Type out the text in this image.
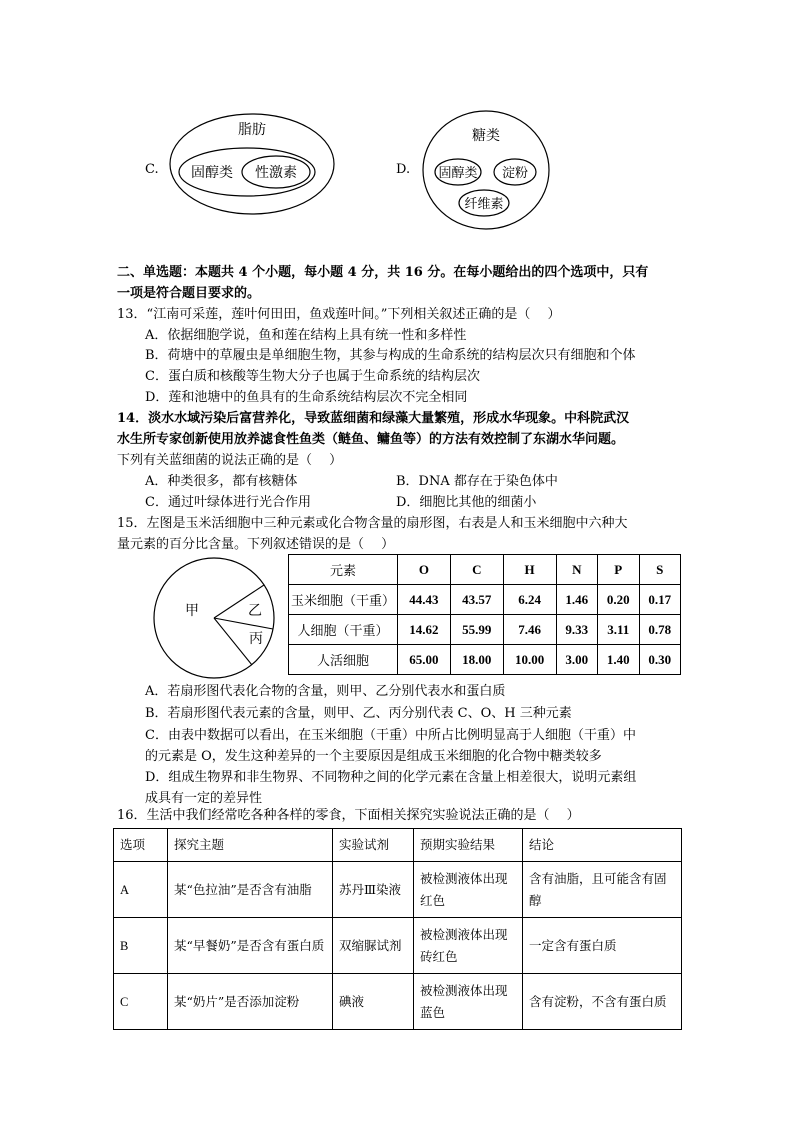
C.
脂肪
固醇类 性激素	D.
糖类
固醇类 淀粉
纤维素
二、单选题：本题共 4 个小题，每小题 4 分，共 16 分。在每小题给出的四个选项中，只有
一项是符合题目要求的。
13．“江南可采莲，莲叶何田田，鱼戏莲叶间。”下列相关叙述正确的是（　 ）
A．依据细胞学说，鱼和莲在结构上具有统一性和多样性
B．荷塘中的草履虫是单细胞生物，其参与构成的生命系统的结构层次只有细胞和个体
C．蛋白质和核酸等生物大分子也属于生命系统的结构层次
D．莲和池塘中的鱼具有的生命系统结构层次不完全相同
14．淡水水域污染后富营养化，导致蓝细菌和绿藻大量繁殖，形成水华现象。中科院武汉
水生所专家创新使用放养滤食性鱼类（鲢鱼、鳙鱼等）的方法有效控制了东湖水华问题。
下列有关蓝细菌的说法正确的是（　 ）
A．种类很多，都有核糖体	B．DNA 都存在于染色体中
C．通过叶绿体进行光合作用	D．细胞比其他的细菌小
15．左图是玉米活细胞中三种元素或化合物含量的扇形图，右表是人和玉米细胞中六种大
量元素的百分比含量。下列叙述错误的是（　 ）
甲	乙
丙
元素	O	C	H	N	P	S
玉米细胞（干重）	44.43	43.57	6.24	1.46	0.20	0.17
人细胞（干重）	14.62	55.99	7.46	9.33	3.11	0.78
人活细胞	65.00	18.00	10.00	3.00	1.40	0.30
A．若扇形图代表化合物的含量，则甲、乙分别代表水和蛋白质
B．若扇形图代表元素的含量，则甲、乙、丙分别代表 C、O、H 三种元素
C．由表中数据可以看出，在玉米细胞（干重）中所占比例明显高于人细胞（干重）中
的元素是 O，发生这种差异的一个主要原因是组成玉米细胞的化合物中糖类较多
D．组成生物界和非生物界、不同物种之间的化学元素在含量上相差很大，说明元素组
成具有一定的差异性
16．生活中我们经常吃各种各样的零食，下面相关探究实验说法正确的是（　 ）
选项	探究主题	实验试剂	预期实验结果	结论
A	某“色拉油”是否含有油脂	苏丹Ⅲ染液	被检测液体出现红色	含有油脂，且可能含有固醇
B	某“早餐奶”是否含有蛋白质	双缩脲试剂	被检测液体出现砖红色	一定含有蛋白质
C	某“奶片”是否添加淀粉	碘液	被检测液体出现蓝色	含有淀粉，不含有蛋白质
